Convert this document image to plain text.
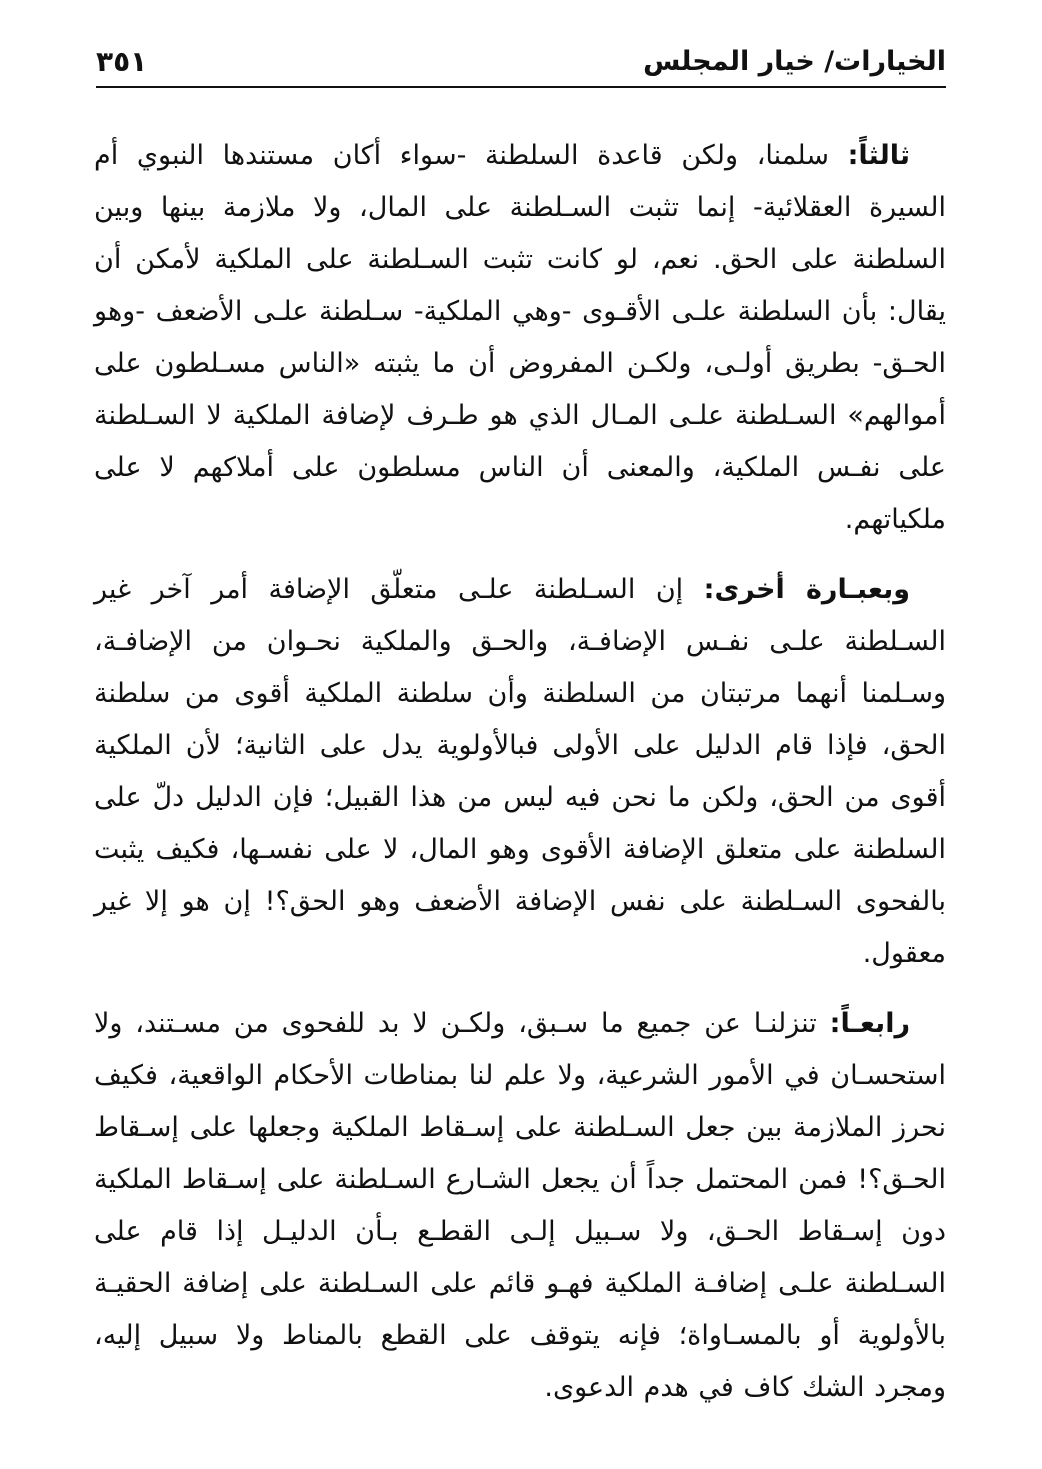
الخيارات/ خيار المجلس
٣٥١

ثالثاً: سلمنا، ولكن قاعدة السلطنة -سواء أكان مستندها النبوي أم السيرة العقلائية- إنما تثبت السـلطنة على المال، ولا ملازمة بينها وبين السلطنة على الحق. نعم، لو كانت تثبت السـلطنة على الملكية لأمكن أن يقال: بأن السلطنة علـى الأقـوى -وهي الملكية- سـلطنة علـى الأضعف -وهو الحـق- بطريق أولـى، ولكـن المفروض أن ما يثبته «الناس مسـلطون على أموالهم» السـلطنة علـى المـال الذي هو طـرف لإضافة الملكية لا السـلطنة على نفـس الملكية، والمعنى أن الناس مسلطون على أملاكهم لا على ملكياتهم.

وبعبـارة أخرى: إن السـلطنة علـى متعلّق الإضافة أمر آخر غير السـلطنة علـى نفـس الإضافـة، والحـق والملكية نحـوان من الإضافـة، وسـلمنا أنهما مرتبتان من السلطنة وأن سلطنة الملكية أقوى من سلطنة الحق، فإذا قام الدليل على الأولى فبالأولوية يدل على الثانية؛ لأن الملكية أقوى من الحق، ولكن ما نحن فيه ليس من هذا القبيل؛ فإن الدليل دلّ على السلطنة على متعلق الإضافة الأقوى وهو المال، لا على نفسـها، فكيف يثبت بالفحوى السـلطنة على نفس الإضافة الأضعف وهو الحق؟! إن هو إلا غير معقول.

رابعـاً: تنزلنـا عن جميع ما سـبق، ولكـن لا بد للفحوى من مسـتند، ولا استحسـان في الأمور الشرعية، ولا علم لنا بمناطات الأحكام الواقعية، فكيف نحرز الملازمة بين جعل السـلطنة على إسـقاط الملكية وجعلها على إسـقاط الحـق؟! فمن المحتمل جداً أن يجعل الشـارع السـلطنة على إسـقاط الملكية دون إسـقاط الحـق، ولا سـبيل إلـى القطـع بـأن الدليـل إذا قام على السـلطنة علـى إضافـة الملكية فهـو قائم على السـلطنة على إضافة الحقيـة بالأولوية أو بالمسـاواة؛ فإنه يتوقف على القطع بالمناط ولا سبيل إليه، ومجرد الشك كاف في هدم الدعوى.
